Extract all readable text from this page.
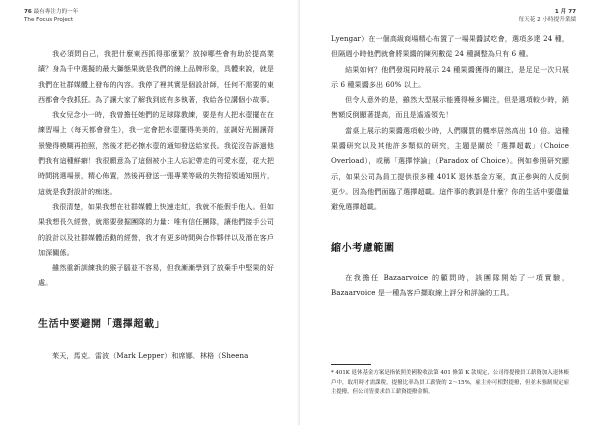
76 最有專注力的一年
The Focus Project

我必須問自己，我把什麼東西抓得那麼緊？放掉哪些會有助於提高業績？身為千中選擬的最大獅態果就是我們的線上品牌形象，具體來說，就是我們在社群媒體上發布的內容。我停了裡其實是個設計師，任何不需要的東西都會令我抓狂。為了讓大家了解我到底有多執著，我給各位講個小故事。

我女兒念小一時，我曾擔任她們的足球隊教練，要是有人把水壺擺在在練習場上（每天都會發生），我一定會把水壺擺得美美的，並調好光圈讓背景變得模糊再拍照，然後才把必擦水壺的通知發送給家長。我從沒告訴過他們我有這種鮮癖！我很願意為了這個被小主人忘記帶走的可愛水壺，花大把時間挑選場景，精心佈置，然後再發送一張專業等級的失物招領通知照片，這就是我對設計的痴迷。

我很清楚，如果我想在社群媒體上快速走紅，我就不能假手他人。但如果我想長久經營，就需要發掘團隊的力量：唯有信任團隊，讓他們接手公司的設計以及社群媒體活動的經營，我才有更多時間與合作夥伴以及潛在客戶加深關係。

雖然重新訓練我的猴子腦並不容易，但我漸漸學到了放棄手中堅果的好處。

生活中要避開「選擇超載」

茱天，馬克．雷波（Mark Lepper）和席娜．林格（Sheena

1 月 77
每天花 2 小時提升業績

Lyengar）在一個高級商場精心布置了一場果醬試吃會，選項多達 24 種，但隔週小時他們就會將果醬的陳列數從 24 種調整為只有 6 種。

結果如何？他們發現同時展示 24 種果醬獲得的關注，是足足一次只展示 6 種果醬多出 60% 以上。

但令人意外的是，雖然大型展示能獲得極多關注，但是選項較少時，銷售額反倒顯著提高，而且是遙遙領先！

當桌上展示的果醬選項較少時，人們購買的機率居然高出 10 倍。這種果醬研究以及其他許多類似的研究，主題是關於「選擇超載」（Choice Overload），或稱「選擇悖論」（Paradox of Choice）。例如參照研究顯示，如果公司為員工提供很多種 401K 退休基金方案，真正參與的人反倒更少。因為他們面臨了選擇超載。這件事的教訓是什麼？你的生活中要儘量避免選擇超載。

縮小考慮範圍

在我擔任 Bazaarvoice 的顧問時，該團隊開始了一項實驗，Bazaarvoice 是一種為客戶擷取線上評分和評論的工具。

* 401K 退休基金方案是指依照美國稅收法第 401 條第 K 款規定，公司得提撥員工薪資加入退休帳戶中，取用時才需課稅。提撥比率為員工薪資的 2～15%，雇主亦可相對提撥，但並未強制規定雇主提撥，但公司皆要求員工薪資提撥金額。
